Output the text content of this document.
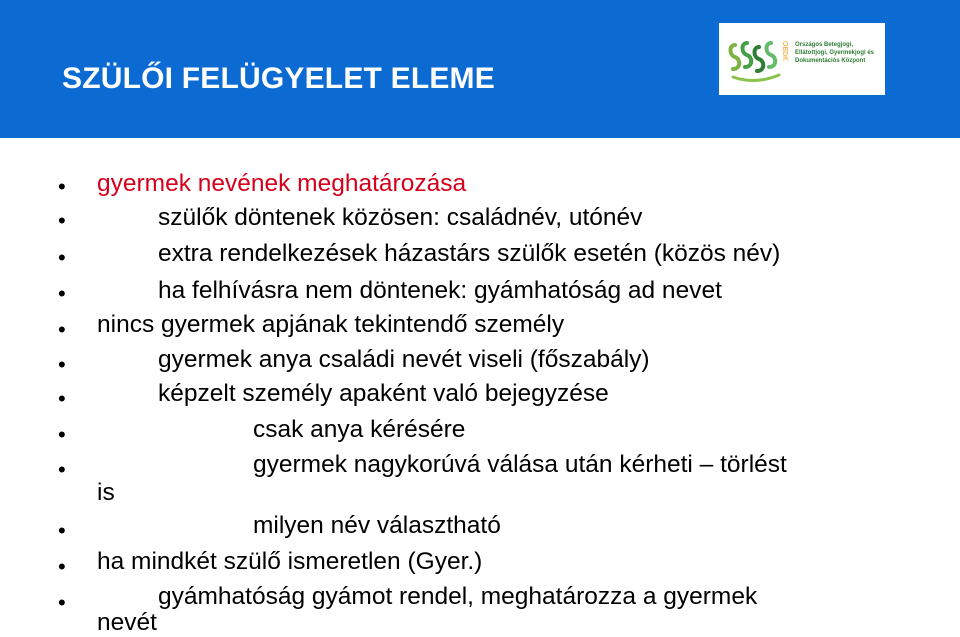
SZÜLŐI FELÜGYELET ELEME
OBDK Országos Betegjogi,
Ellátottjogi, Gyermekjogi és
Dokumentációs Központ
• gyermek nevének meghatározása
•	szülők döntenek közösen: családnév, utónév
•	extra rendelkezések házastárs szülők esetén (közös név)
•	ha felhívásra nem döntenek: gyámhatóság ad nevet
• nincs gyermek apjának tekintendő személy
•	gyermek anya családi nevét viseli (főszabály)
•	képzelt személy apaként való bejegyzése
•	csak anya kérésére
•	gyermek nagykorúvá válása után kérheti – törlést
is
•	milyen név választható
• ha mindkét szülő ismeretlen (Gyer.)
•	gyámhatóság gyámot rendel, meghatározza a gyermek
nevét
